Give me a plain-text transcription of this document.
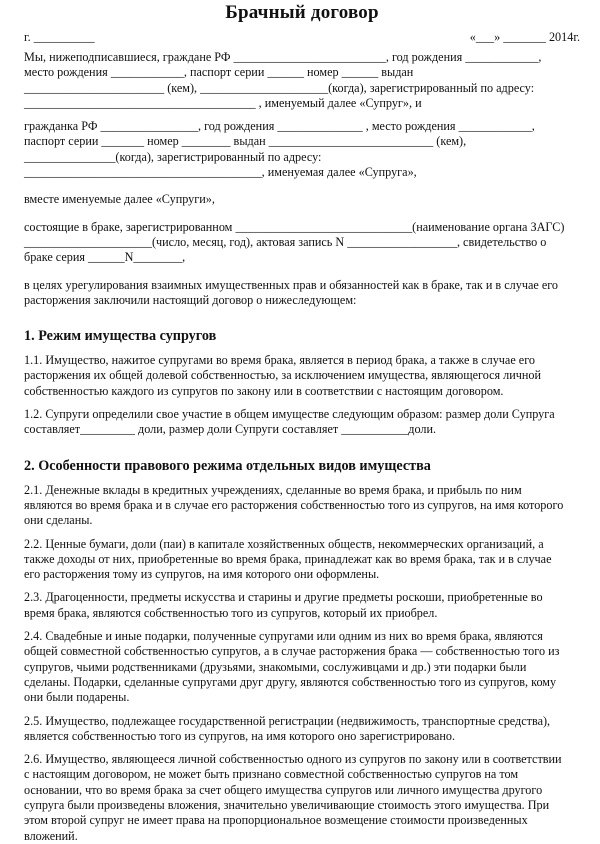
Брачный договор
г. __________	«___» _______ 2014г.

Мы, нижеподписавшиеся, граждане РФ _________________________, год рождения ____________,

место рождения ____________, паспорт серии ______ номер ______ выдан

_______________________ (кем), _____________________(когда), зарегистрированный по адресу:

______________________________________ , именуемый далее «Супруг», и

гражданка РФ ________________, год рождения ______________ , место рождения ____________,

паспорт серии _______ номер ________ выдан ___________________________ (кем),

_______________(когда), зарегистрированный по адресу:

_______________________________________, именуемая далее «Супруга»,

вместе именуемые далее «Супруги»,

состоящие в браке, зарегистрированном _____________________________(наименование органа ЗАГС)

_____________________(число, месяц, год), актовая запись N __________________, свидетельство о

браке серия ______N________,

в целях урегулирования взаимных имущественных прав и обязанностей как в браке, так и в случае его

расторжения заключили настоящий договор о нижеследующем:

1. Режим имущества супругов

1.1. Имущество, нажитое супругами во время брака, является в период брака, а также в случае его

расторжения их общей долевой собственностью, за исключением имущества, являющегося личной

собственностью каждого из супругов по закону или в соответствии с настоящим договором.

1.2. Супруги определили свое участие в общем имуществе следующим образом: размер доли Супруга

составляет_________ доли, размер доли Супруги составляет ___________доли.

2. Особенности правового режима отдельных видов имущества

2.1. Денежные вклады в кредитных учреждениях, сделанные во время брака, и прибыль по ним

являются во время брака и в случае его расторжения собственностью того из супругов, на имя которого

они сделаны.

2.2. Ценные бумаги, доли (паи) в капитале хозяйственных обществ, некоммерческих организаций, а

также доходы от них, приобретенные во время брака, принадлежат как во время брака, так и в случае

его расторжения тому из супругов, на имя которого они оформлены.

2.3. Драгоценности, предметы искусства и старины и другие предметы роскоши, приобретенные во

время брака, являются собственностью того из супругов, который их приобрел.

2.4. Свадебные и иные подарки, полученные супругами или одним из них во время брака, являются

общей совместной собственностью супругов, а в случае расторжения брака — собственностью того из

супругов, чьими родственниками (друзьями, знакомыми, сослуживцами и др.) эти подарки были

сделаны. Подарки, сделанные супругами друг другу, являются собственностью того из супругов, кому

они были подарены.

2.5. Имущество, подлежащее государственной регистрации (недвижимость, транспортные средства),

является собственностью того из супругов, на имя которого оно зарегистрировано.

2.6. Имущество, являющееся личной собственностью одного из супругов по закону или в соответствии

с настоящим договором, не может быть признано совместной собственностью супругов на том

основании, что во время брака за счет общего имущества супругов или личного имущества другого

супруга были произведены вложения, значительно увеличивающие стоимость этого имущества. При

этом второй супруг не имеет права на пропорциональное возмещение стоимости произведенных

вложений.
